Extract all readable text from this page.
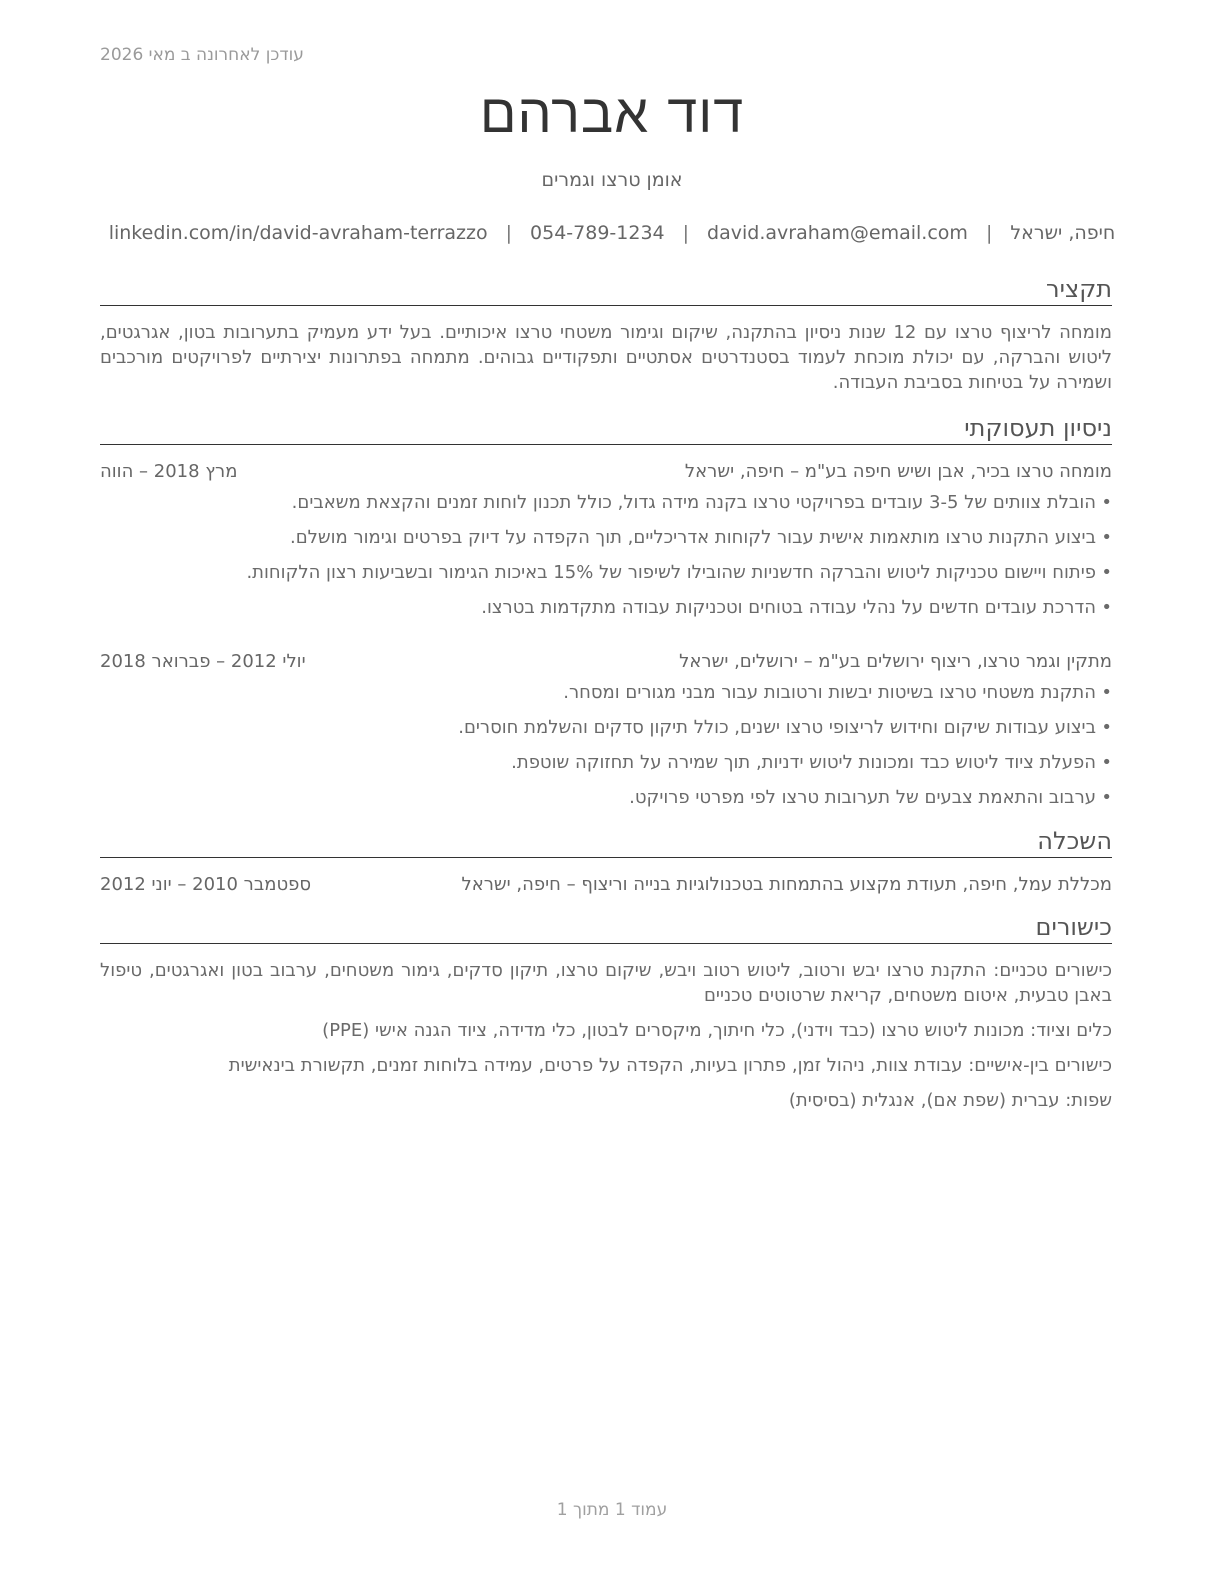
עודכן לאחרונה ב מאי 2026
דוד אברהם
אומן טרצו וגמרים
חיפה, ישראל
|
david.avraham@email.com
|
054-789-1234
|
linkedin.com/in/david-avraham-terrazzo
תקציר
מומחה לריצוף טרצו עם 12 שנות ניסיון בהתקנה, שיקום וגימור משטחי טרצו איכותיים. בעל ידע מעמיק בתערובות בטון, אגרגטים, ליטוש והברקה, עם יכולת מוכחת לעמוד בסטנדרטים אסתטיים ותפקודיים גבוהים. מתמחה בפתרונות יצירתיים לפרויקטים מורכבים ושמירה על בטיחות בסביבת העבודה.
ניסיון תעסוקתי
מומחה טרצו בכיר, אבן ושיש חיפה בע"מ – חיפה, ישראל
מרץ 2018 – הווה
•
הובלת צוותים של 3-5 עובדים בפרויקטי טרצו בקנה מידה גדול, כולל תכנון לוחות זמנים והקצאת משאבים.
•
ביצוע התקנות טרצו מותאמות אישית עבור לקוחות אדריכליים, תוך הקפדה על דיוק בפרטים וגימור מושלם.
•
פיתוח ויישום טכניקות ליטוש והברקה חדשניות שהובילו לשיפור של 15% באיכות הגימור ובשביעות רצון הלקוחות.
•
הדרכת עובדים חדשים על נהלי עבודה בטוחים וטכניקות עבודה מתקדמות בטרצו.
מתקין וגמר טרצו, ריצוף ירושלים בע"מ – ירושלים, ישראל
יולי 2012 – פברואר 2018
•
התקנת משטחי טרצו בשיטות יבשות ורטובות עבור מבני מגורים ומסחר.
•
ביצוע עבודות שיקום וחידוש לריצופי טרצו ישנים, כולל תיקון סדקים והשלמת חוסרים.
•
הפעלת ציוד ליטוש כבד ומכונות ליטוש ידניות, תוך שמירה על תחזוקה שוטפת.
•
ערבוב והתאמת צבעים של תערובות טרצו לפי מפרטי פרויקט.
השכלה
מכללת עמל, חיפה, תעודת מקצוע בהתמחות בטכנולוגיות בנייה וריצוף – חיפה, ישראל
ספטמבר 2010 – יוני 2012
כישורים
כישורים טכניים: התקנת טרצו יבש ורטוב, ליטוש רטוב ויבש, שיקום טרצו, תיקון סדקים, גימור משטחים, ערבוב בטון ואגרגטים, טיפול באבן טבעית, איטום משטחים, קריאת שרטוטים טכניים
כלים וציוד: מכונות ליטוש טרצו (כבד וידני), כלי חיתוך, מיקסרים לבטון, כלי מדידה, ציוד הגנה אישי (PPE)
כישורים בין-אישיים: עבודת צוות, ניהול זמן, פתרון בעיות, הקפדה על פרטים, עמידה בלוחות זמנים, תקשורת בינאישית
שפות: עברית (שפת אם), אנגלית (בסיסית)
עמוד 1 מתוך 1
